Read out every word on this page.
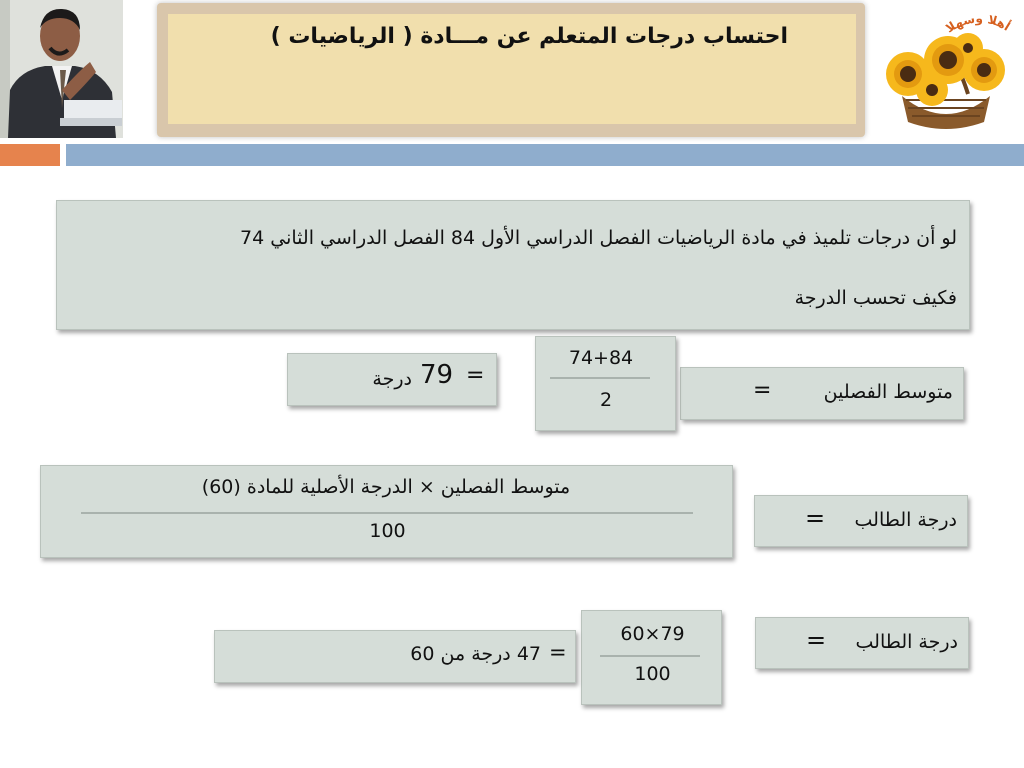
احتساب درجات المتعلم عن مـــادة ( الرياضيات )	أهلا وسهلا
لو أن درجات تلميذ في مادة الرياضيات الفصل الدراسي الأول 84 الفصل الدراسي الثاني 74
فكيف تحسب الدرجة
متوسط الفصلين
=
74+84
2
=
79
درجة
درجة الطالب
=
متوسط الفصلين × الدرجة الأصلية للمادة (60)
100
درجة الطالب
=
60×79
100
=
47 درجة من 60
